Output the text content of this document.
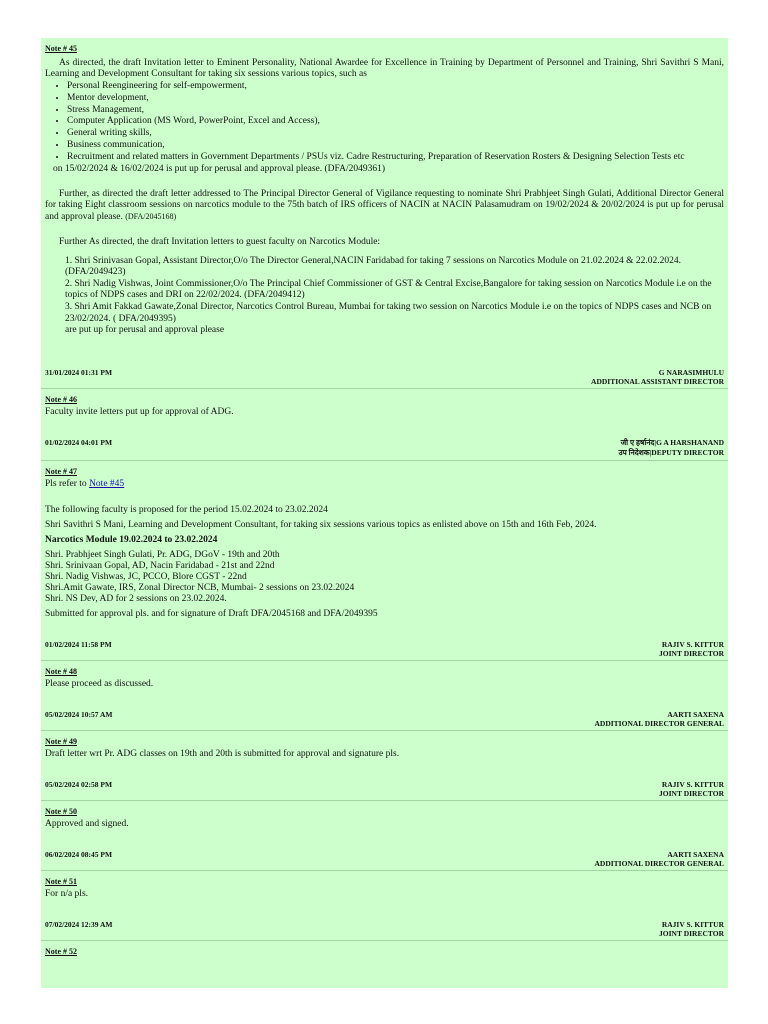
Note # 45

As directed, the draft Invitation letter to Eminent Personality, National Awardee for Excellence in Training by Department of Personnel and Training, Shri Savithri S Mani, Learning and Development Consultant for taking six sessions various topics, such as

• Personal Reengineering for self-empowerment,
• Mentor development,
• Stress Management,
• Computer Application (MS Word, PowerPoint, Excel and Access),
• General writing skills,
• Business communication,
• Recruitment and related matters in Government Departments / PSUs viz. Cadre Restructuring, Preparation of Reservation Rosters & Designing Selection Tests etc

on 15/02/2024 & 16/02/2024 is put up for perusal and approval please. (DFA/2049361)

Further, as directed the draft letter addressed to The Principal Director General of Vigilance requesting to nominate Shri Prabhjeet Singh Gulati, Additional Director General for taking Eight classroom sessions on narcotics module to the 75th batch of IRS officers of NACIN at NACIN Palasamudram on 19/02/2024 & 20/02/2024 is put up for perusal and approval please. (DFA/2045168)

Further As directed, the draft Invitation letters to guest faculty on Narcotics Module:

1. Shri Srinivasan Gopal, Assistant Director,O/o The Director General,NACIN Faridabad for taking 7 sessions on Narcotics Module on 21.02.2024 & 22.02.2024. (DFA/2049423)
2. Shri Nadig Vishwas, Joint Commissioner,O/o The Principal Chief Commissioner of GST & Central Excise,Bangalore for taking session on Narcotics Module i.e on the topics of NDPS cases and DRI on 22/02/2024. (DFA/2049412)
3. Shri Amit Fakkad Gawate,Zonal Director, Narcotics Control Bureau, Mumbai for taking two session on Narcotics Module i.e on the topics of NDPS cases and NCB on 23/02/2024. ( DFA/2049395)

are put up for perusal and approval please

31/01/2024 01:31 PM	G NARASIMHULU
ADDITIONAL ASSISTANT DIRECTOR
Note # 46

Faculty invite letters put up for approval of ADG.

01/02/2024 04:01 PM	जी ए हर्षानंद|G A HARSHANAND
उप निदेशक|DEPUTY DIRECTOR
Note # 47

Pls refer to Note #45

The following faculty is proposed for the period 15.02.2024 to 23.02.2024

Shri Savithri S Mani, Learning and Development Consultant, for taking six sessions various topics as enlisted above on 15th and 16th Feb, 2024.

Narcotics Module 19.02.2024 to 23.02.2024

Shri. Prabhjeet Singh Gulati, Pr. ADG, DGoV - 19th and 20th
Shri. Srinivaan Gopal, AD, Nacin Faridabad - 21st and 22nd
Shri. Nadig Vishwas, JC, PCCO, Blore CGST - 22nd
Shri.Amit Gawate, IRS, Zonal Director NCB, Mumbai- 2 sessions on 23.02.2024
Shri. NS Dev, AD for 2 sessions on 23.02.2024.

Submitted for approval pls. and for signature of Draft DFA/2045168 and DFA/2049395

01/02/2024 11:58 PM	RAJIV S. KITTUR
JOINT DIRECTOR
Note # 48

Please proceed as discussed.

05/02/2024 10:57 AM	AARTI SAXENA
ADDITIONAL DIRECTOR GENERAL
Note # 49

Draft letter wrt Pr. ADG classes on 19th and 20th is submitted for approval and signature pls.

05/02/2024 02:58 PM	RAJIV S. KITTUR
JOINT DIRECTOR
Note # 50

Approved and signed.

06/02/2024 08:45 PM	AARTI SAXENA
ADDITIONAL DIRECTOR GENERAL
Note # 51

For n/a pls.

07/02/2024 12:39 AM	RAJIV S. KITTUR
JOINT DIRECTOR
Note # 52
